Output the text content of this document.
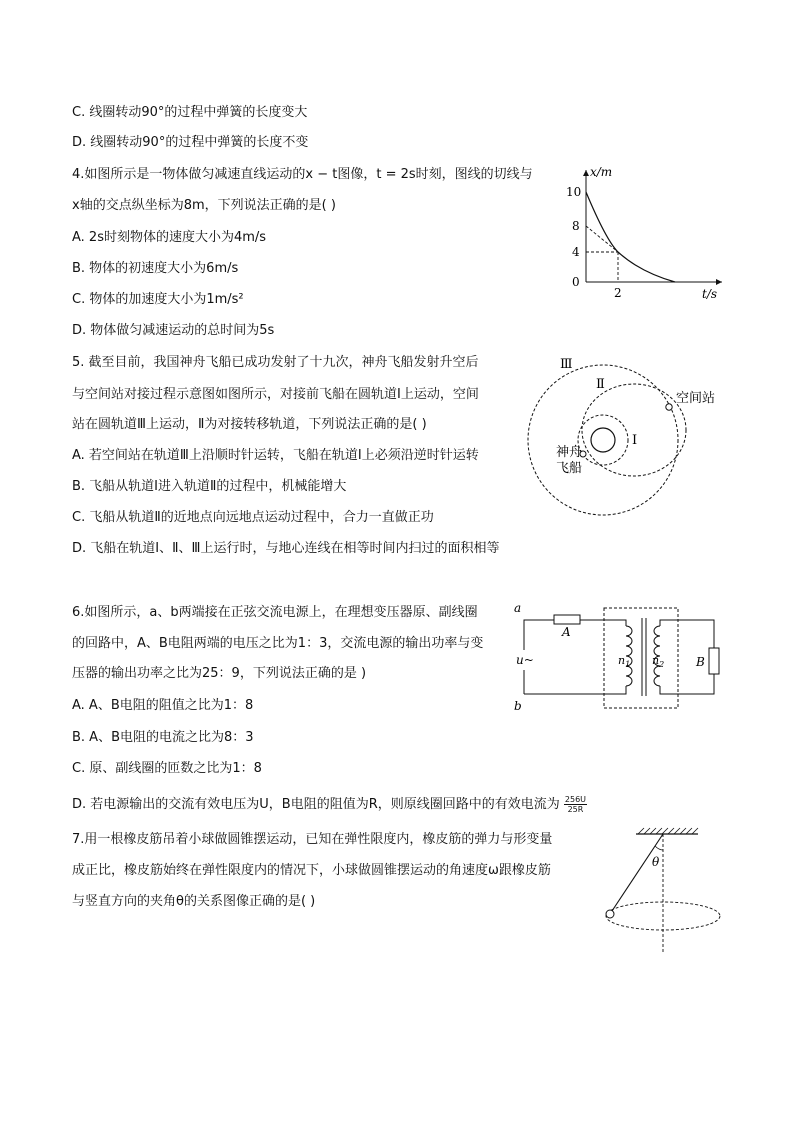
C. 线圈转动90°的过程中弹簧的长度变大
D. 线圈转动90°的过程中弹簧的长度不变
4.如图所示是一物体做匀减速直线运动的x − t图像，t = 2s时刻，图线的切线与
x轴的交点纵坐标为8m，下列说法正确的是( )
A. 2s时刻物体的速度大小为4m/s
B. 物体的初速度大小为6m/s
C. 物体的加速度大小为1m/s²
D. 物体做匀减速运动的总时间为5s
5. 截至目前，我国神舟飞船已成功发射了十九次，神舟飞船发射升空后
与空间站对接过程示意图如图所示，对接前飞船在圆轨道Ⅰ上运动，空间
站在圆轨道Ⅲ上运动，Ⅱ为对接转移轨道，下列说法正确的是( )
A. 若空间站在轨道Ⅲ上沿顺时针运转，飞船在轨道Ⅰ上必须沿逆时针运转
B. 飞船从轨道Ⅰ进入轨道Ⅱ的过程中，机械能增大
C. 飞船从轨道Ⅱ的近地点向远地点运动过程中，合力一直做正功
D. 飞船在轨道Ⅰ、Ⅱ、Ⅲ上运行时，与地心连线在相等时间内扫过的面积相等
6.如图所示，a、b两端接在正弦交流电源上，在理想变压器原、副线圈
的回路中，A、B电阻两端的电压之比为1：3，交流电源的输出功率与变
压器的输出功率之比为25：9，下列说法正确的是 )
A. A、B电阻的阻值之比为1：8
B. A、B电阻的电流之比为8：3
C. 原、副线圈的匝数之比为1：8
D. 若电源输出的交流有效电压为U，B电阻的阻值为R，则原线圈回路中的有效电流为 $\frac{256U}{25R}$
7.用一根橡皮筋吊着小球做圆锥摆运动，已知在弹性限度内，橡皮筋的弹力与形变量
成正比，橡皮筋始终在弹性限度内的情况下，小球做圆锥摆运动的角速度ω跟橡皮筋
与竖直方向的夹角θ的关系图像正确的是( )
x/m
t/s
10
8
4
0
2
Ⅲ
Ⅱ
Ⅰ
空间站
神舟
飞船
a
b
u~
A
B
$n_1$ $n_2$
θ
